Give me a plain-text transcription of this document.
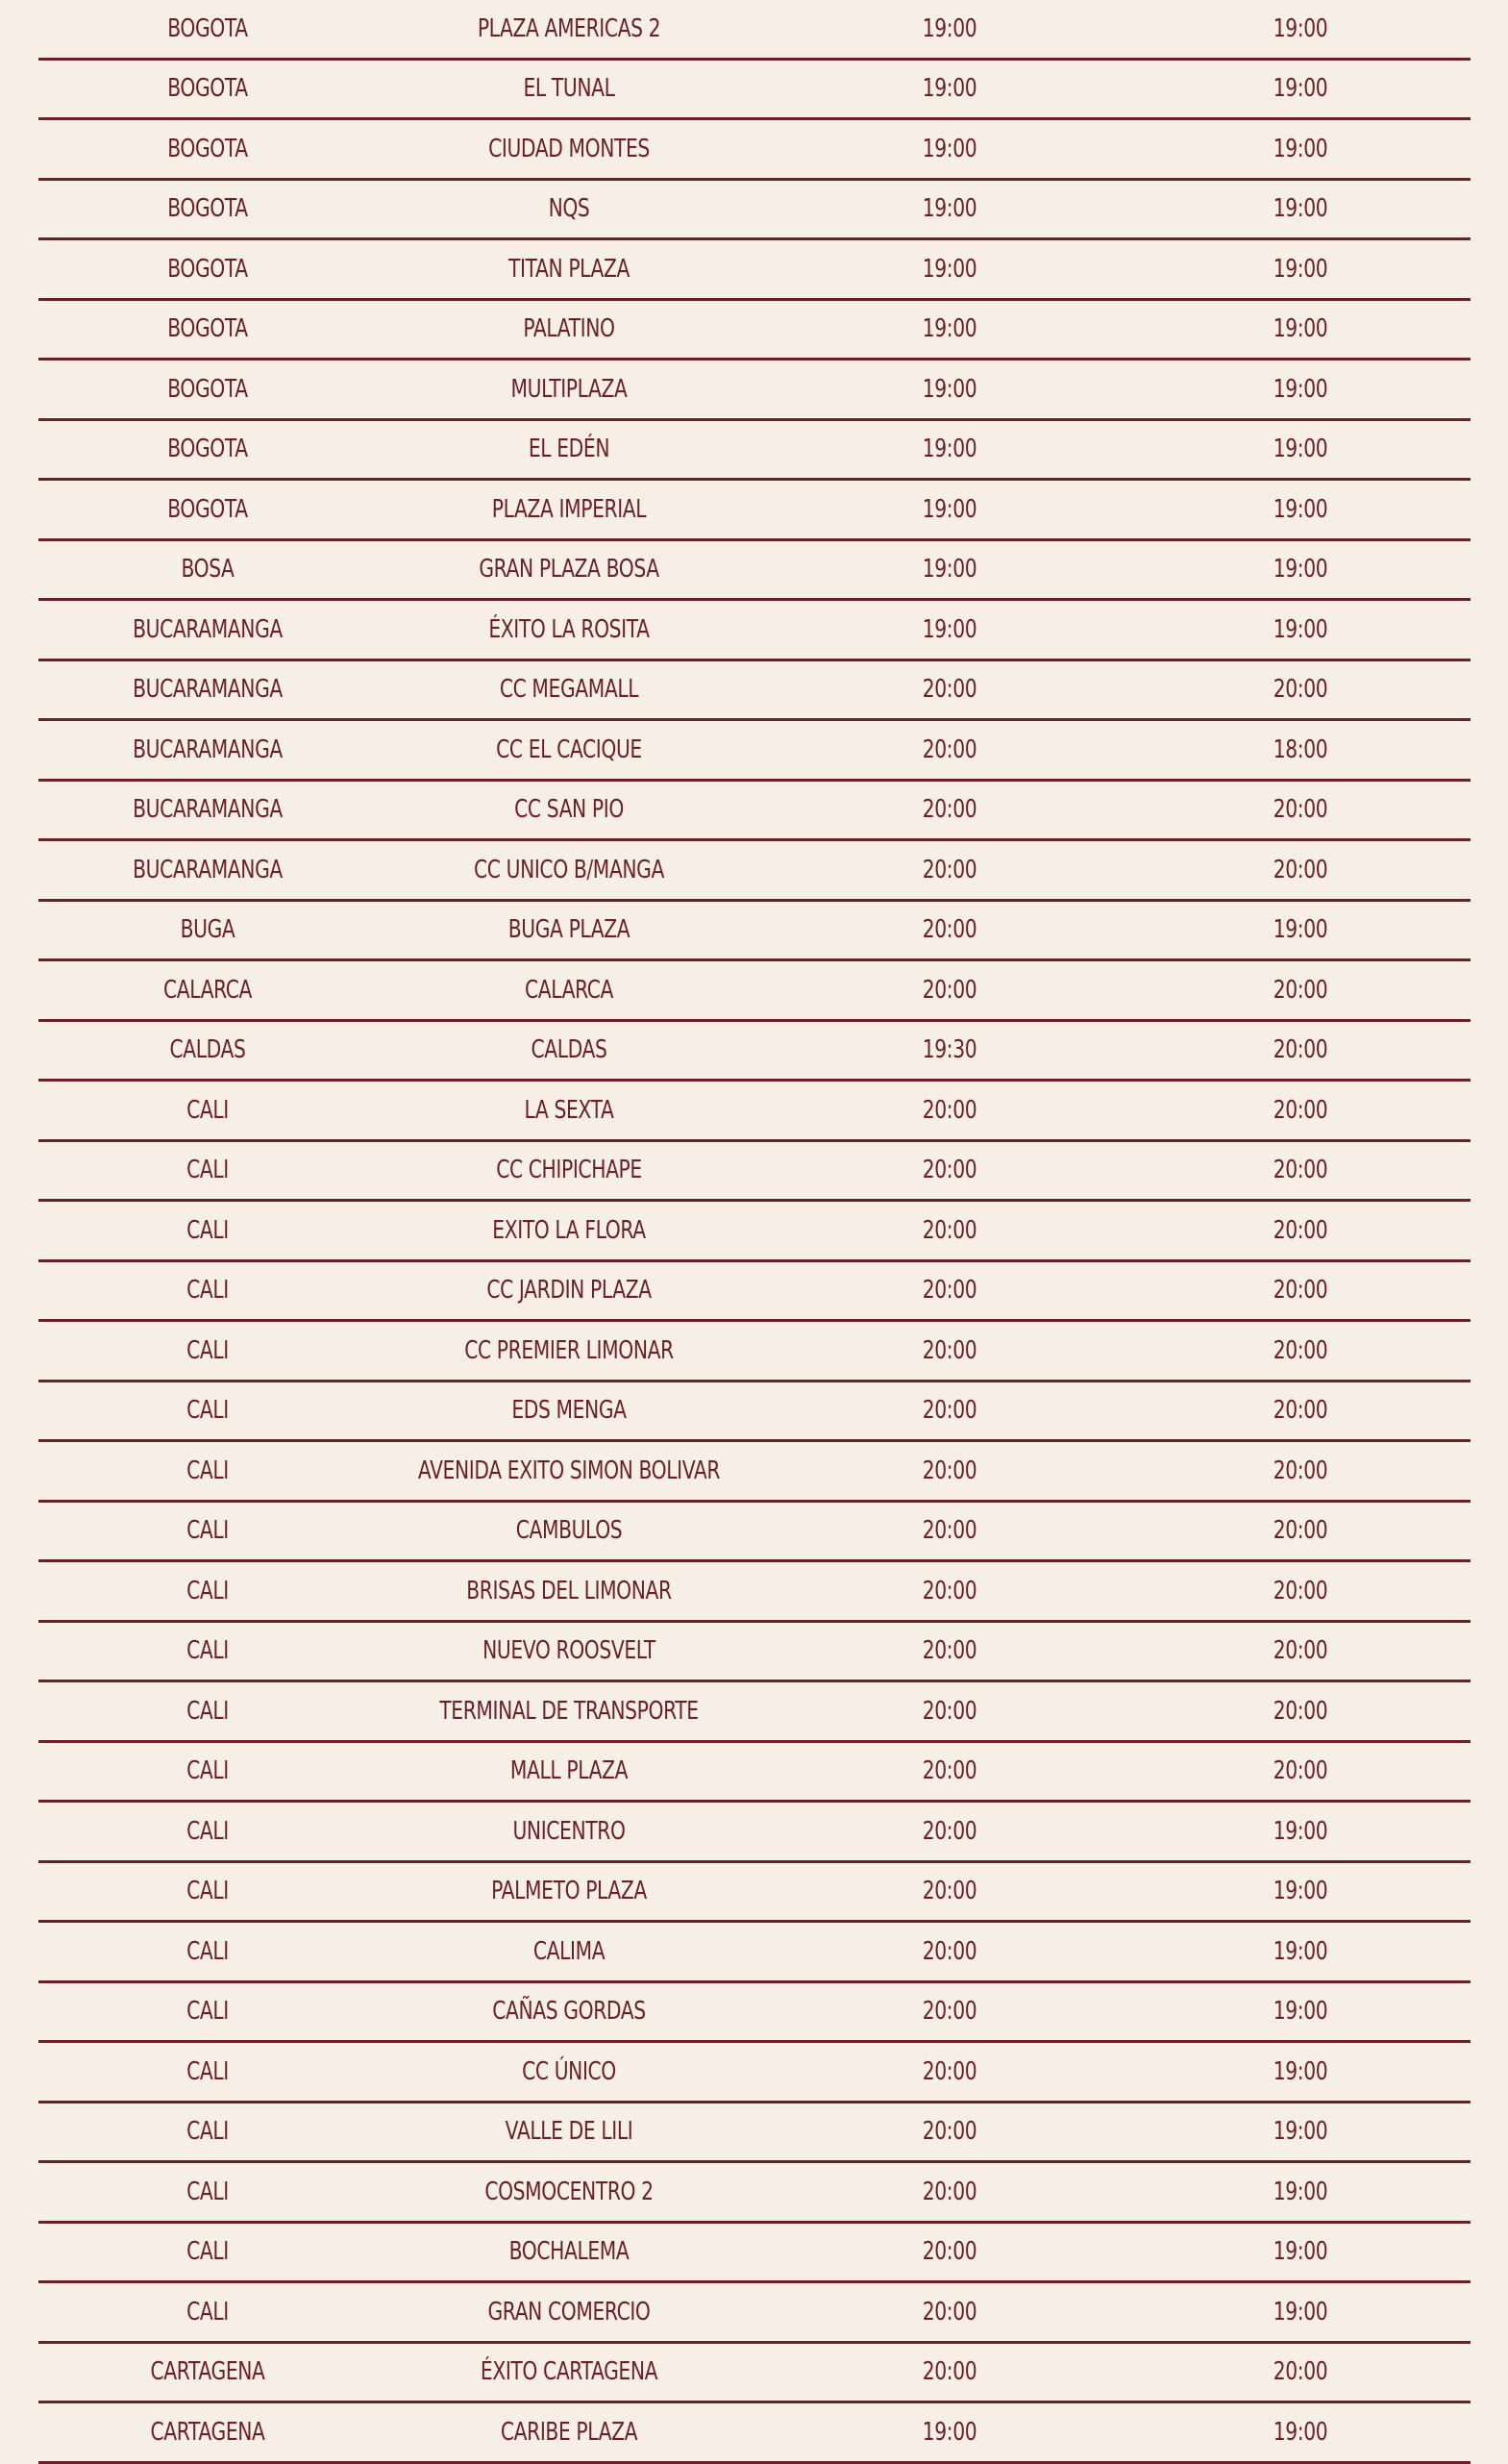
BOGOTA	PLAZA AMERICAS 2	19:00	19:00
BOGOTA	EL TUNAL	19:00	19:00
BOGOTA	CIUDAD MONTES	19:00	19:00
BOGOTA	NQS	19:00	19:00
BOGOTA	TITAN PLAZA	19:00	19:00
BOGOTA	PALATINO	19:00	19:00
BOGOTA	MULTIPLAZA	19:00	19:00
BOGOTA	EL EDÉN	19:00	19:00
BOGOTA	PLAZA IMPERIAL	19:00	19:00
BOSA	GRAN PLAZA BOSA	19:00	19:00
BUCARAMANGA	ÉXITO LA ROSITA	19:00	19:00
BUCARAMANGA	CC MEGAMALL	20:00	20:00
BUCARAMANGA	CC EL CACIQUE	20:00	18:00
BUCARAMANGA	CC SAN PIO	20:00	20:00
BUCARAMANGA	CC UNICO B/MANGA	20:00	20:00
BUGA	BUGA PLAZA	20:00	19:00
CALARCA	CALARCA	20:00	20:00
CALDAS	CALDAS	19:30	20:00
CALI	LA SEXTA	20:00	20:00
CALI	CC CHIPICHAPE	20:00	20:00
CALI	EXITO LA FLORA	20:00	20:00
CALI	CC JARDIN PLAZA	20:00	20:00
CALI	CC PREMIER LIMONAR	20:00	20:00
CALI	EDS MENGA	20:00	20:00
CALI	AVENIDA EXITO SIMON BOLIVAR	20:00	20:00
CALI	CAMBULOS	20:00	20:00
CALI	BRISAS DEL LIMONAR	20:00	20:00
CALI	NUEVO ROOSVELT	20:00	20:00
CALI	TERMINAL DE TRANSPORTE	20:00	20:00
CALI	MALL PLAZA	20:00	20:00
CALI	UNICENTRO	20:00	19:00
CALI	PALMETO PLAZA	20:00	19:00
CALI	CALIMA	20:00	19:00
CALI	CAÑAS GORDAS	20:00	19:00
CALI	CC ÚNICO	20:00	19:00
CALI	VALLE DE LILI	20:00	19:00
CALI	COSMOCENTRO 2	20:00	19:00
CALI	BOCHALEMA	20:00	19:00
CALI	GRAN COMERCIO	20:00	19:00
CARTAGENA	ÉXITO CARTAGENA	20:00	20:00
CARTAGENA	CARIBE PLAZA	19:00	19:00
